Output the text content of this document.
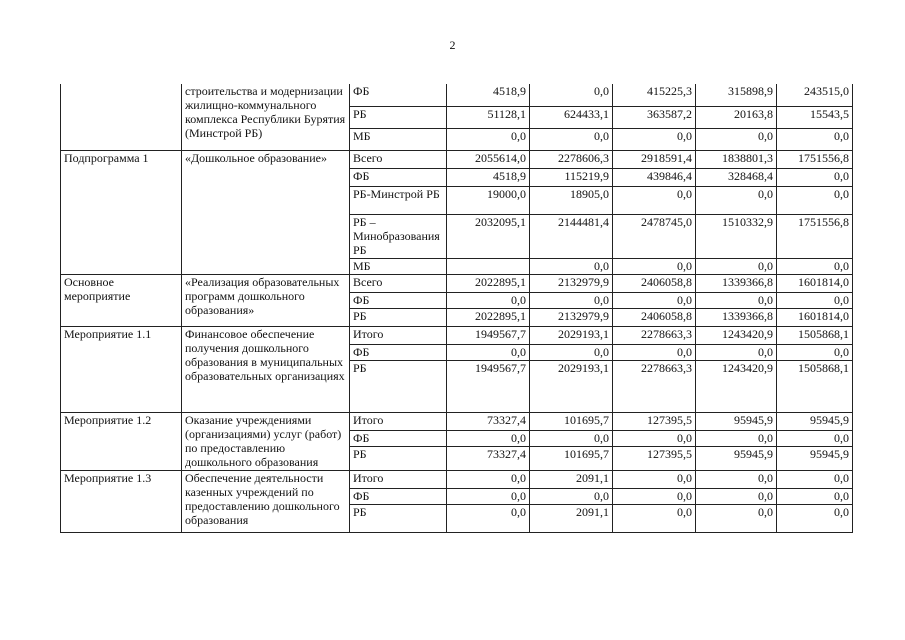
2
	строительства и модернизации жилищно-коммунального комплекса Республики Бурятия (Минстрой РБ)	ФБ	4518,9	0,0	415225,3	315898,9	243515,0
		РБ	51128,1	624433,1	363587,2	20163,8	15543,5
		МБ	0,0	0,0	0,0	0,0	0,0
Подпрограмма 1	«Дошкольное образование»	Всего	2055614,0	2278606,3	2918591,4	1838801,3	1751556,8
		ФБ	4518,9	115219,9	439846,4	328468,4	0,0
		РБ-Минстрой РБ	19000,0	18905,0	0,0	0,0	0,0
		РБ – Минобразования РБ	2032095,1	2144481,4	2478745,0	1510332,9	1751556,8
		МБ		0,0	0,0	0,0	0,0
Основное мероприятие	«Реализация образовательных программ дошкольного образования»	Всего	2022895,1	2132979,9	2406058,8	1339366,8	1601814,0
		ФБ	0,0	0,0	0,0	0,0	0,0
		РБ	2022895,1	2132979,9	2406058,8	1339366,8	1601814,0
Мероприятие 1.1	Финансовое обеспечение получения дошкольного образования в муниципальных образовательных организациях	Итого	1949567,7	2029193,1	2278663,3	1243420,9	1505868,1
		ФБ	0,0	0,0	0,0	0,0	0,0
		РБ	1949567,7	2029193,1	2278663,3	1243420,9	1505868,1
Мероприятие 1.2	Оказание учреждениями (организациями) услуг (работ) по предоставлению дошкольного образования	Итого	73327,4	101695,7	127395,5	95945,9	95945,9
		ФБ	0,0	0,0	0,0	0,0	0,0
		РБ	73327,4	101695,7	127395,5	95945,9	95945,9
Мероприятие 1.3	Обеспечение деятельности казенных учреждений по предоставлению дошкольного образования	Итого	0,0	2091,1	0,0	0,0	0,0
		ФБ	0,0	0,0	0,0	0,0	0,0
		РБ	0,0	2091,1	0,0	0,0	0,0
